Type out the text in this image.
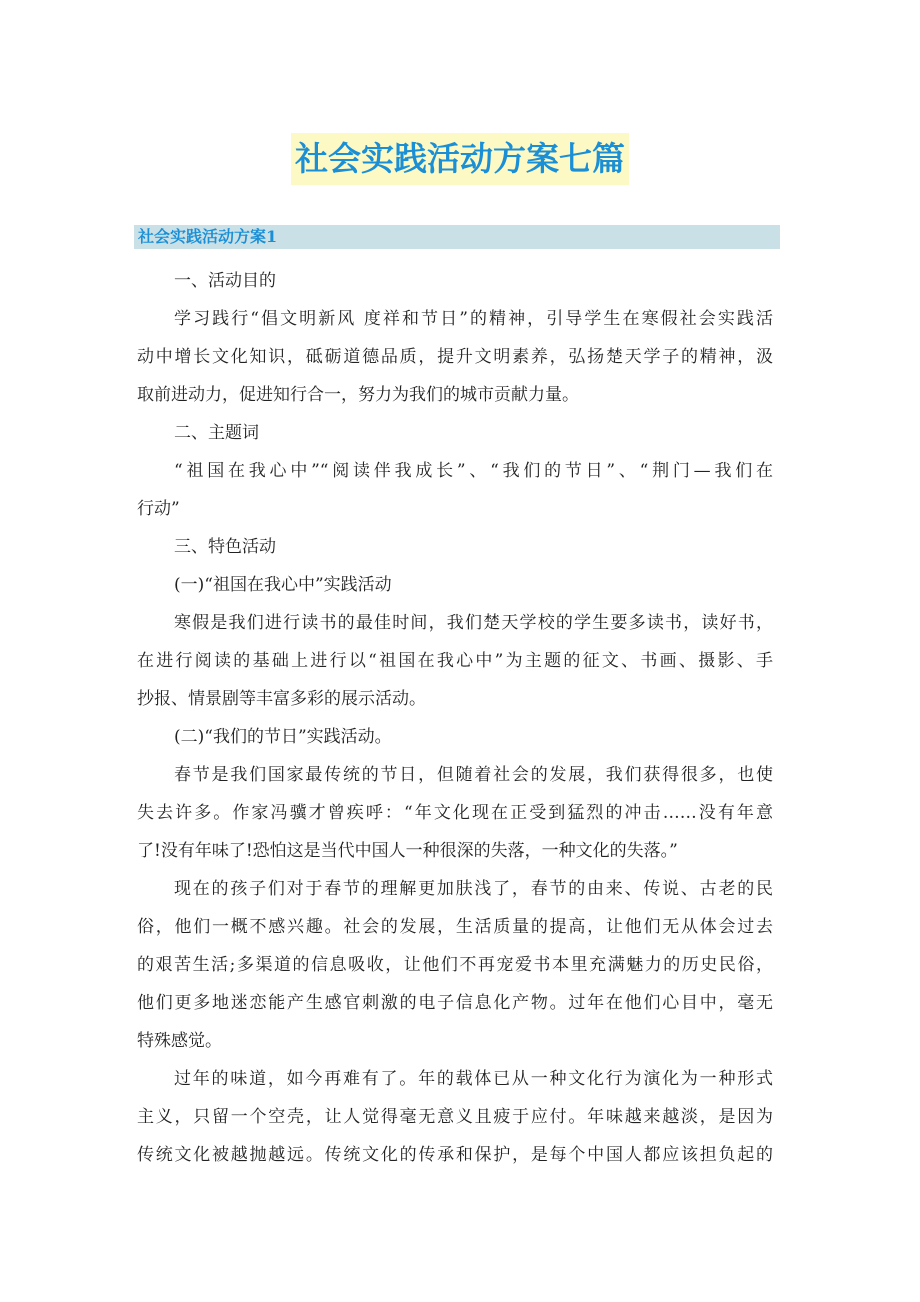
社会实践活动方案七篇
社会实践活动方案1
一、活动目的
学习践行“倡文明新风 度祥和节日”的精神，引导学生在寒假社会实践活
动中增长文化知识，砥砺道德品质，提升文明素养，弘扬楚天学子的精神，汲
取前进动力，促进知行合一，努力为我们的城市贡献力量。
二、主题词
“祖国在我心中”“阅读伴我成长”、“我们的节日”、“荆门—我们在
行动”
三、特色活动
(一)“祖国在我心中”实践活动
寒假是我们进行读书的最佳时间，我们楚天学校的学生要多读书，读好书，
在进行阅读的基础上进行以“祖国在我心中”为主题的征文、书画、摄影、手
抄报、情景剧等丰富多彩的展示活动。
(二)“我们的节日”实践活动。
春节是我们国家最传统的节日，但随着社会的发展，我们获得很多，也使
失去许多。作家冯骥才曾疾呼：“年文化现在正受到猛烈的冲击……没有年意
了!没有年味了!恐怕这是当代中国人一种很深的失落，一种文化的失落。”
现在的孩子们对于春节的理解更加肤浅了，春节的由来、传说、古老的民
俗，他们一概不感兴趣。社会的发展，生活质量的提高，让他们无从体会过去
的艰苦生活;多渠道的信息吸收，让他们不再宠爱书本里充满魅力的历史民俗，
他们更多地迷恋能产生感官刺激的电子信息化产物。过年在他们心目中，毫无
特殊感觉。
过年的味道，如今再难有了。年的载体已从一种文化行为演化为一种形式
主义，只留一个空壳，让人觉得毫无意义且疲于应付。年味越来越淡，是因为
传统文化被越抛越远。传统文化的传承和保护，是每个中国人都应该担负起的
